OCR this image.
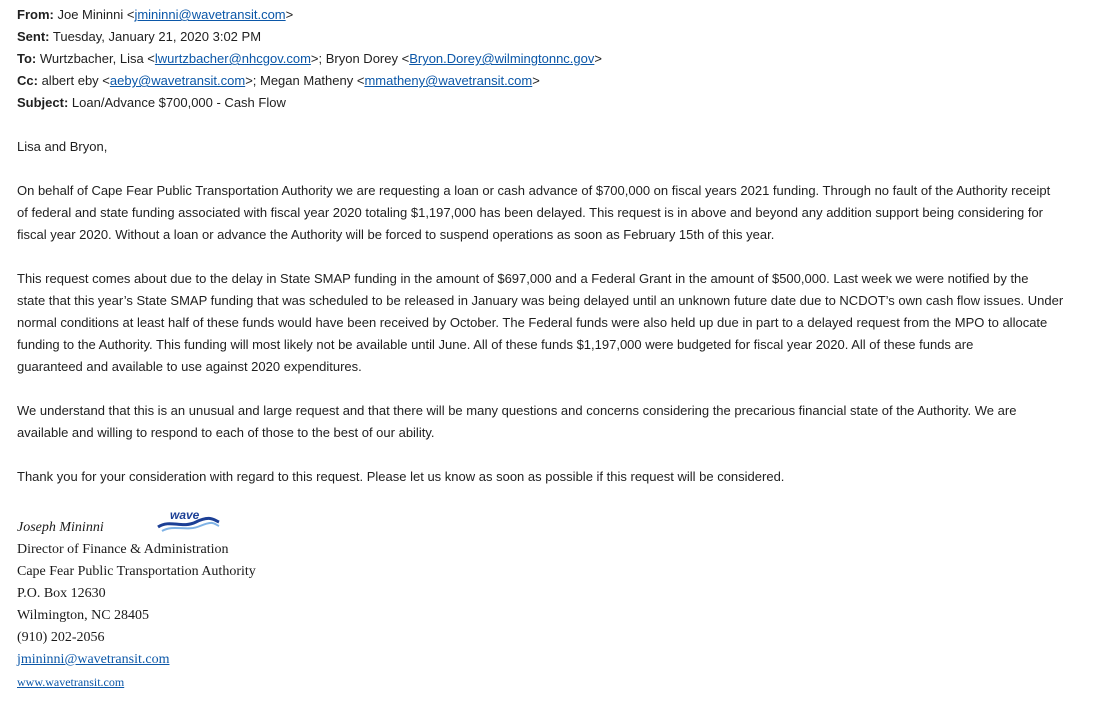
From: Joe Mininni <jmininni@wavetransit.com>
Sent: Tuesday, January 21, 2020 3:02 PM
To: Wurtzbacher, Lisa <lwurtzbacher@nhcgov.com>; Bryon Dorey <Bryon.Dorey@wilmingtonnc.gov>
Cc: albert eby <aeby@wavetransit.com>; Megan Matheny <mmatheny@wavetransit.com>
Subject: Loan/Advance $700,000 - Cash Flow

Lisa and Bryon,

On behalf of Cape Fear Public Transportation Authority we are requesting a loan or cash advance of $700,000 on fiscal years 2021 funding. Through no fault of the Authority receipt

of federal and state funding associated with fiscal year 2020 totaling $1,197,000 has been delayed. This request is in above and beyond any addition support being considering for

fiscal year 2020. Without a loan or advance the Authority will be forced to suspend operations as soon as February 15th of this year.

This request comes about due to the delay in State SMAP funding in the amount of $697,000 and a Federal Grant in the amount of $500,000. Last week we were notified by the

state that this year’s State SMAP funding that was scheduled to be released in January was being delayed until an unknown future date due to NCDOT’s own cash flow issues. Under

normal conditions at least half of these funds would have been received by October. The Federal funds were also held up due in part to a delayed request from the MPO to allocate

funding to the Authority. This funding will most likely not be available until June. All of these funds $1,197,000 were budgeted for fiscal year 2020. All of these funds are

guaranteed and available to use against 2020 expenditures.

We understand that this is an unusual and large request and that there will be many questions and concerns considering the precarious financial state of the Authority. We are

available and willing to respond to each of those to the best of our ability.

Thank you for your consideration with regard to this request. Please let us know as soon as possible if this request will be considered.

wave
Joseph Mininni
Director of Finance & Administration
Cape Fear Public Transportation Authority
P.O. Box 12630
Wilmington, NC 28405
(910) 202-2056
jmininni@wavetransit.com
www.wavetransit.com
